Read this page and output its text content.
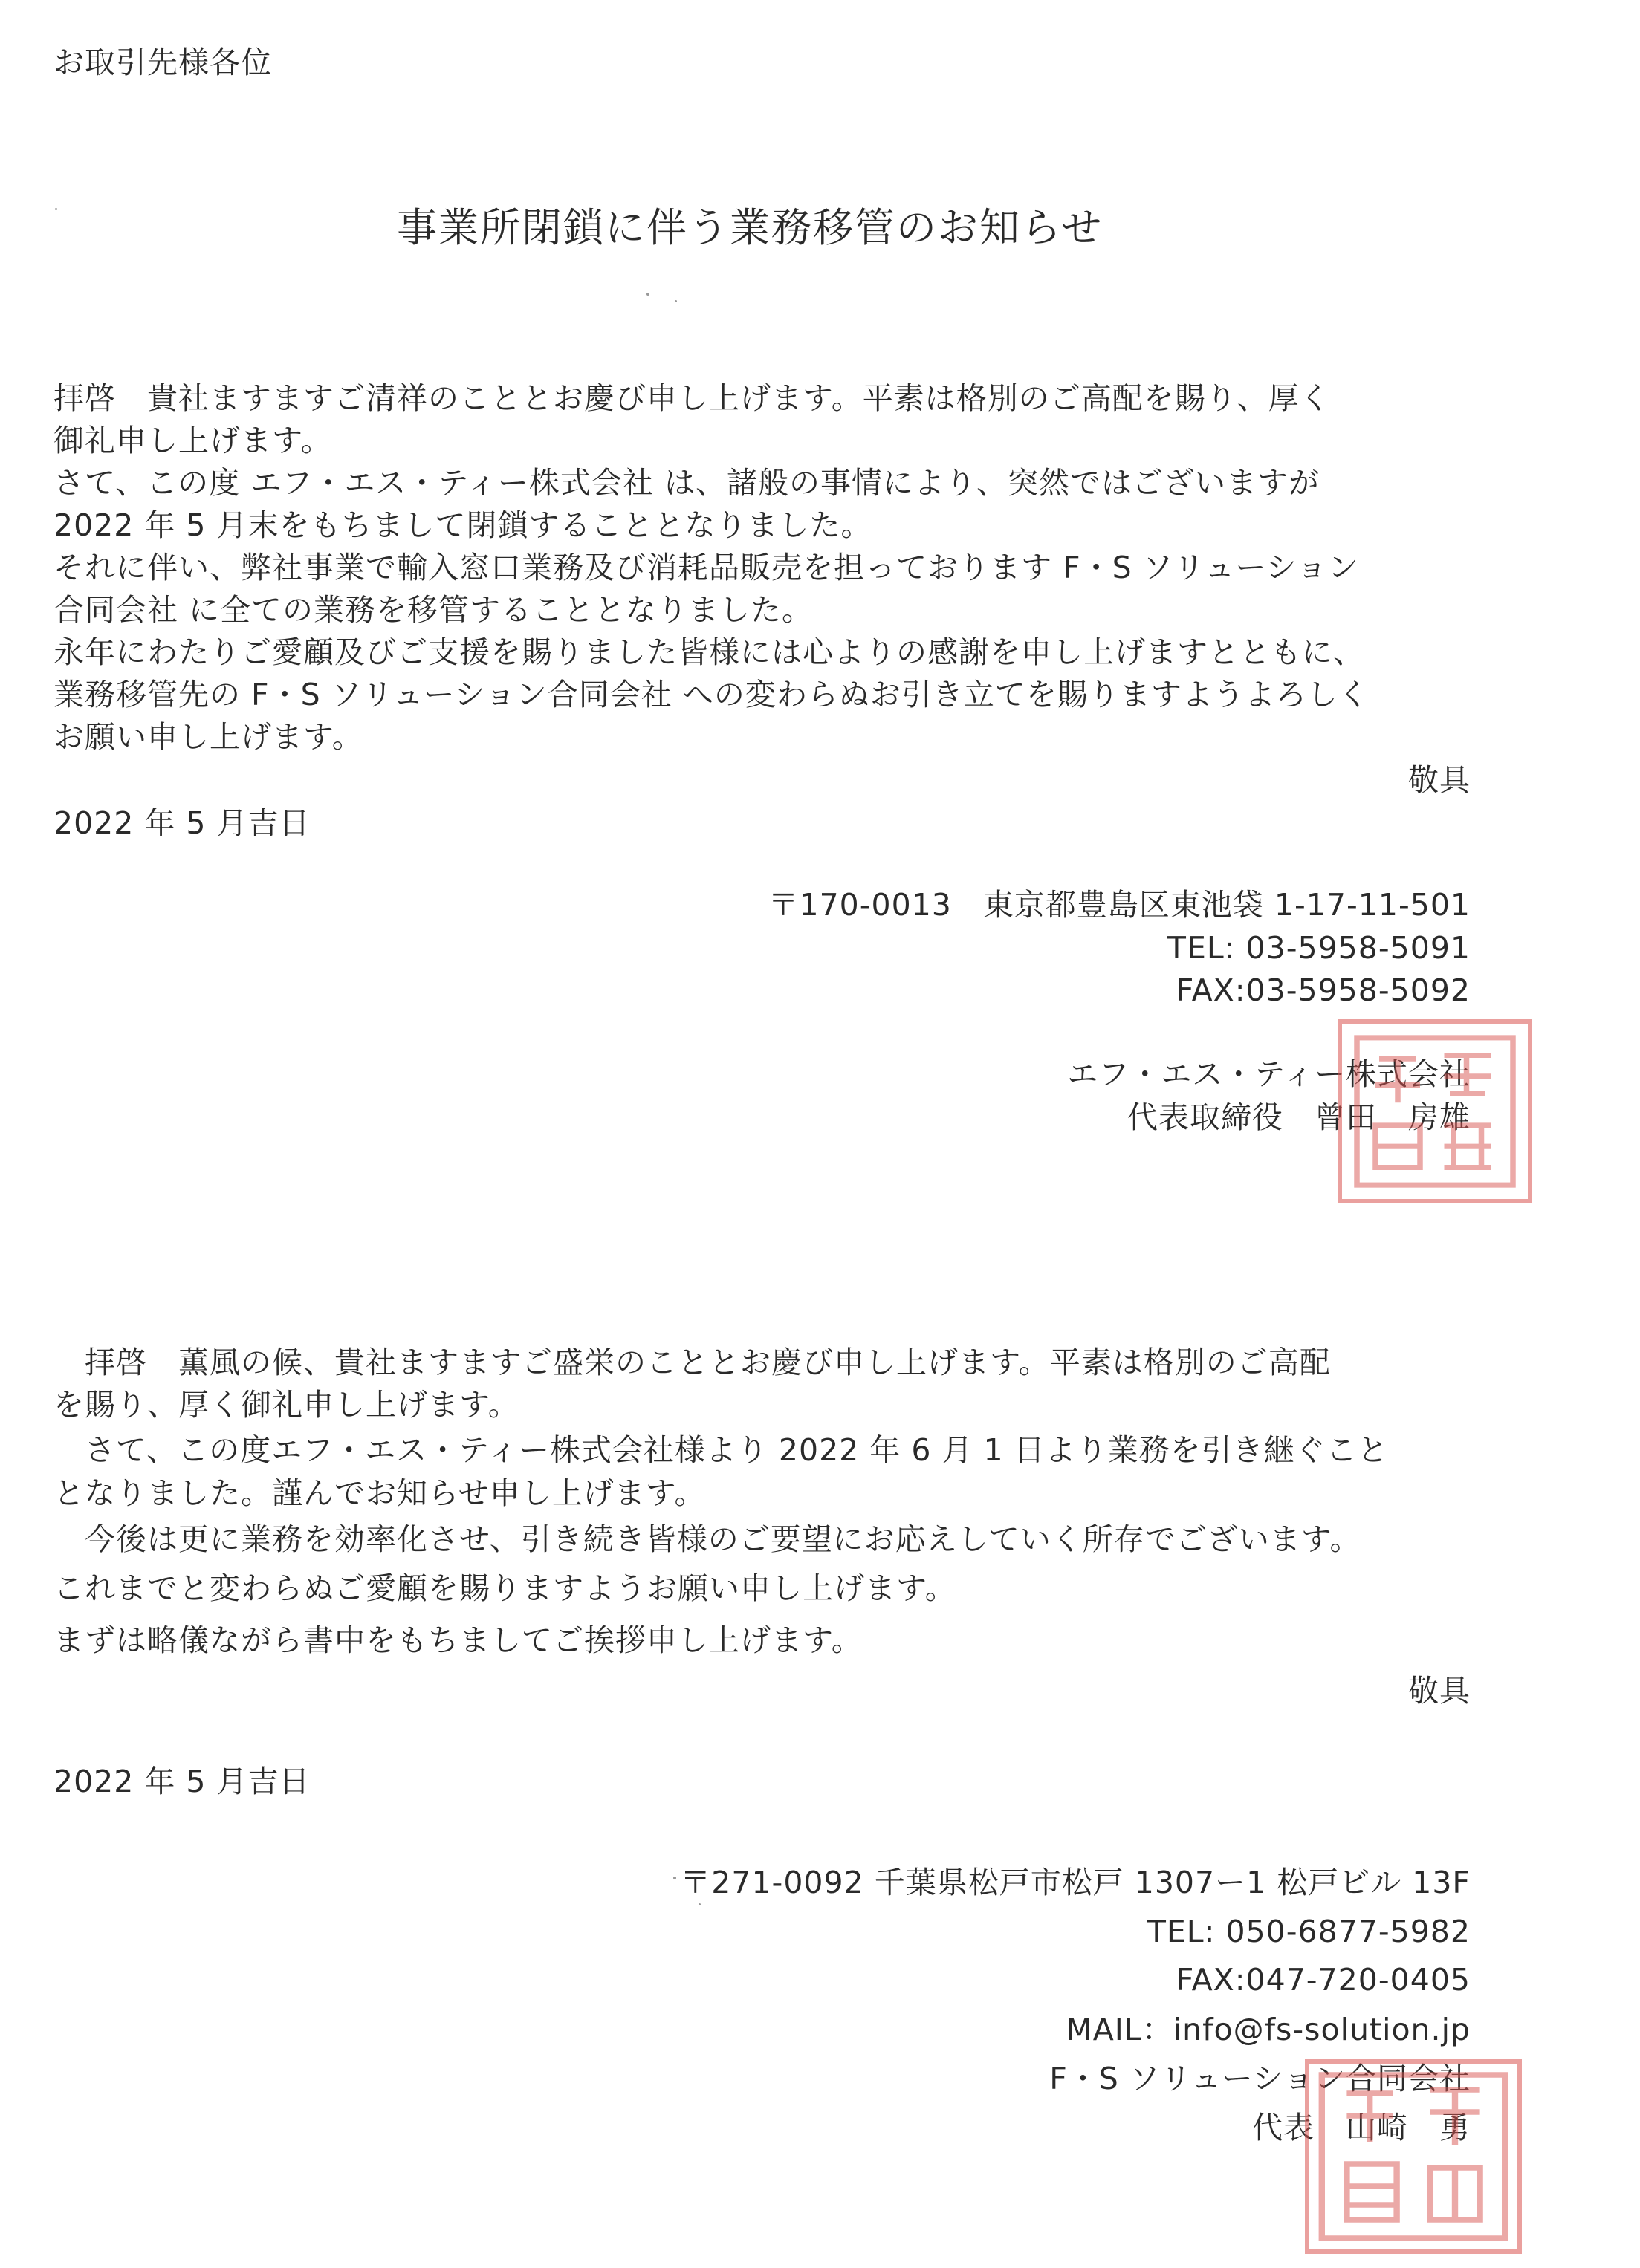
お取引先様各位
事業所閉鎖に伴う業務移管のお知らせ
拝啓　貴社ますますご清祥のこととお慶び申し上げます。平素は格別のご高配を賜り、厚く
御礼申し上げます。
さて、この度 エフ・エス・ティー株式会社 は、諸般の事情により、突然ではございますが
2022 年 5 月末をもちまして閉鎖することとなりました。
それに伴い、弊社事業で輸入窓口業務及び消耗品販売を担っております F・S ソリューション
合同会社 に全ての業務を移管することとなりました。
永年にわたりご愛顧及びご支援を賜りました皆様には心よりの感謝を申し上げますとともに、
業務移管先の F・S ソリューション合同会社 への変わらぬお引き立てを賜りますようよろしく
お願い申し上げます。
敬具
2022 年 5 月吉日
〒170-0013　東京都豊島区東池袋 1-17-11-501
TEL: 03-5958-5091
FAX:03-5958-5092
エフ・エス・ティー株式会社
代表取締役　曾田　房雄
　拝啓　薫風の候、貴社ますますご盛栄のこととお慶び申し上げます。平素は格別のご高配
を賜り、厚く御礼申し上げます。
　さて、この度エフ・エス・ティー株式会社様より 2022 年 6 月 1 日より業務を引き継ぐこと
となりました。謹んでお知らせ申し上げます。
　今後は更に業務を効率化させ、引き続き皆様のご要望にお応えしていく所存でございます。
これまでと変わらぬご愛顧を賜りますようお願い申し上げます。
まずは略儀ながら書中をもちましてご挨拶申し上げます。
敬具
2022 年 5 月吉日
〒271-0092 千葉県松戸市松戸 1307ー1 松戸ビル 13F
TEL: 050-6877-5982
FAX:047-720-0405
MAIL：info@fs-solution.jp
F・S ソリューション合同会社
代表　山崎　勇
